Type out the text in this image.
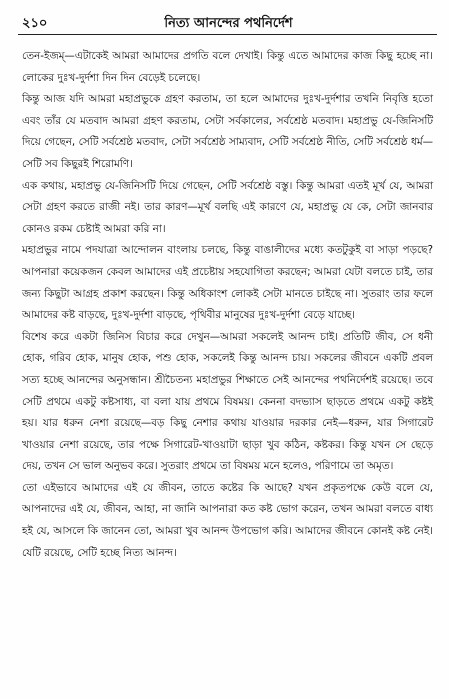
২১০	নিত্য আনন্দের পথনির্দেশ

তেন-ইজম্‌—এটাকেই আমরা আমাদের প্রগতি বলে দেখাই। কিন্তু এতে আমাদের কাজ কিছু হচ্ছে না। লোকের দুঃখ-দুর্দশা দিন দিন বেড়েই চলেছে।

কিন্তু আজ যদি আমরা মহাপ্রভুকে গ্রহণ করতাম, তা হলে আমাদের দুঃখ-দুর্দশার তখনি নিবৃত্তি হতো এবং তাঁর যে মতবাদ আমরা গ্রহণ করতাম, সেটা সর্বকালের, সর্বশ্রেষ্ঠ মতবাদ। মহাপ্রভু যে-জিনিসটি দিয়ে গেছেন, সেটি সর্বশ্রেষ্ঠ মতবাদ, সেটা সর্বশ্রেষ্ঠ সাম্যবাদ, সেটি সর্বশ্রেষ্ঠ নীতি, সেটি সর্বশ্রেষ্ঠ ধর্ম—সেটি সব কিছুরই শিরোমণি।

এক কথায়, মহাপ্রভু যে-জিনিসটি দিয়ে গেছেন, সেটি সর্বশ্রেষ্ঠ বস্তু। কিন্তু আমরা এতই মূর্খ যে, আমরা সেটা গ্রহণ করতে রাজী নই। তার কারণ—মূর্খ বলছি এই কারণে যে, মহাপ্রভু যে কে, সেটা জানবার কোনও রকম চেষ্টাই আমরা করি না।

মহাপ্রভুর নামে পদযাত্রা আন্দোলন বাংলায় চলছে, কিন্তু বাঙালীদের মধ্যে কতটুকুই বা সাড়া পড়ছে? আপনারা কয়েকজন কেবল আমাদের এই প্রচেষ্টায় সহযোগিতা করছেন; আমরা যেটা বলতে চাই, তার জন্য কিছুটা আগ্রহ প্রকাশ করছেন। কিন্তু অধিকাংশ লোকই সেটা মানতে চাইছে না। সুতরাং তার ফলে আমাদের কষ্ট বাড়ছে, দুঃখ-দুর্দশা বাড়ছে, পৃথিবীর মানুষের দুঃখ-দুর্দশা বেড়ে যাচ্ছে।

বিশেষ করে একটা জিনিস বিচার করে দেখুন—আমরা সকলেই আনন্দ চাই। প্রতিটি জীব, সে ধনী হোক, গরিব হোক, মানুষ হোক, পশু হোক, সকলেই কিন্তু আনন্দ চায়। সকলের জীবনে একটি প্রবল সত্য হচ্ছে আনন্দের অনুসন্ধান। শ্রীচৈতন্য মহাপ্রভুর শিক্ষাতে সেই আনন্দের পথনির্দেশই রয়েছে। তবে সেটি প্রথমে একটু কষ্টসাধ্য, বা বলা যায় প্রথমে বিষময়। কেননা বদভ্যাস ছাড়তে প্রথমে একটু কষ্টই হয়। যার ধরুন নেশা রয়েছে—বড় কিছু নেশার কথায় যাওয়ার দরকার নেই—ধরুন, যার সিগারেট খাওয়ার নেশা রয়েছে, তার পক্ষে সিগারেট-খাওয়াটা ছাড়া খুব কঠিন, কষ্টকর। কিন্তু যখন সে ছেড়ে দেয়, তখন সে ভাল অনুভব করে। সুতরাং প্রথমে তা বিষময় মনে হলেও, পরিণামে তা অমৃত।

তো এইভাবে আমাদের এই যে জীবন, তাতে কষ্টের কি আছে? যখন প্রকৃতপক্ষে কেউ বলে যে, আপনাদের এই যে, জীবন, আহা, না জানি আপনারা কত কষ্ট ভোগ করেন, তখন আমরা বলতে বাধ্য হই যে, আসলে কি জানেন তো, আমরা খুব আনন্দ উপভোগ করি। আমাদের জীবনে কোনই কষ্ট নেই। যেটি রয়েছে, সেটি হচ্ছে নিত্য আনন্দ।
